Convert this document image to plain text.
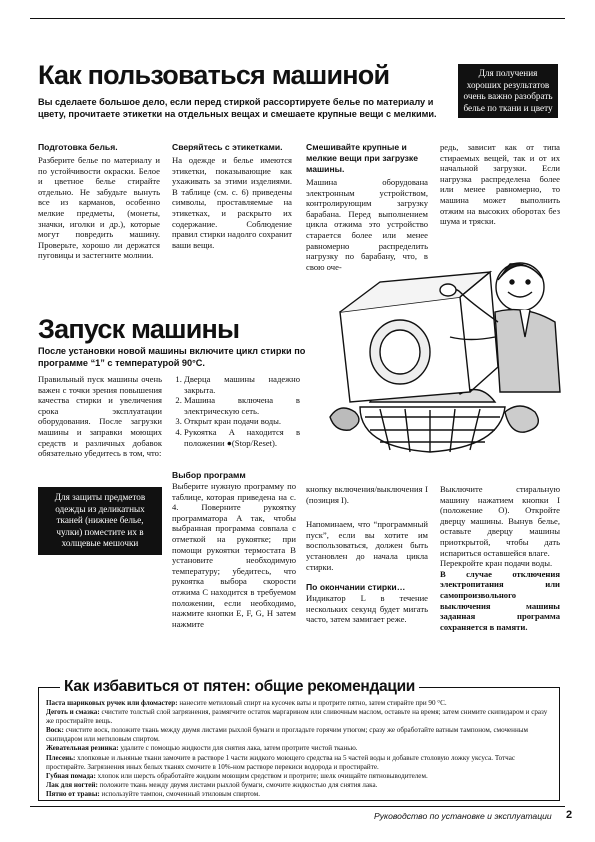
Как пользоваться машиной	Для получения хороших результатов очень важно разобрать белье по ткани и цвету
Вы сделаете большое дело, если перед стиркой рассортируете белье по материалу и цвету, прочитаете этикетки на отдельных вещах и смешаете крупные вещи с мелкими.
Подготовка белья.
Разберите белье по материалу и по устойчивости окраски. Белое и цветное белье стирайте отдельно. Не забудьте вынуть все из карманов, особенно мелкие предметы, (монеты, значки, иголки и др.), которые могут повредить машину. Проверьте, хорошо ли держатся пуговицы и застегните молнии.
Сверяйтесь с этикетками.
На одежде и белье имеются этикетки, показывающие как ухаживать за этими изделиями. В таблице (см. с. 6) приведены символы, проставляемые на этикетках, и раскрыто их содержание. Соблюдение правил стирки надолго сохранит ваши вещи.
Смешивайте крупные и мелкие вещи при загрузке машины.
Машина оборудована электронным устройством, контролирующим загрузку барабана. Перед выполнением цикла отжима это устройство старается более или менее равномерно распределить нагрузку по барабану, что, в свою оче-
редь, зависит как от типа стираемых вещей, так и от их начальной загрузки. Если нагрузка распределена более или менее равномерно, то машина может выполнить отжим на высоких оборотах без шума и тряски.
Запуск машины
После установки новой машины включите цикл стирки по программе “1” с температурой 90°С.
Правильный пуск машины очень важен с точки зрения повышения качества стирки и увеличения срока эксплуатации оборудования. После загрузки машины и заправки моющих средств и различных добавок обязательно убедитесь в том, что:
1. Дверца машины надежно закрыта.
2. Машина включена в электрическую сеть.
3. Открыт кран подачи воды.
4. Рукоятка A находится в положении ●(Stop/Reset).
Для защиты предметов одежды из деликатных тканей (нижнее белье, чулки) поместите их в холщевые мешочки
Выбор программ
Выберите нужную программу по таблице, которая приведена на с. 4. Поверните рукоятку программатора A так, чтобы выбранная программа совпала с отметкой на рукоятке; при помощи рукоятки термостата B установите необходимую температуру; убедитесь, что рукоятка выбора скорости отжима C находится в требуемом положении, если необходимо, нажмите кнопки E, F, G, H затем нажмите
кнопку включения/выключения I (позиция I).
Напоминаем, что “программный пуск”, если вы хотите им воспользоваться, должен быть установлен до начала цикла стирки.
По окончании стирки…
Индикатор L в течение нескольких секунд будет мигать часто, затем замигает реже.
Выключите стиральную машину нажатием кнопки I (положение O). Откройте дверцу машины. Вынув белье, оставьте дверцу машины приоткрытой, чтобы дать испариться оставшейся влаге.
Перекройте кран подачи воды.
В случае отключения электропитания или самопроизвольного выключения машины заданная программа сохраняется в памяти.
Как избавиться от пятен: общие рекомендации

Паста шариковых ручек или фломастер: нанесите метиловый спирт на кусочек ваты и протрите пятно, затем стирайте при 90 °С.

Деготь и смазка: счистите толстый слой загрязнения, размягчите остаток маргарином или сливочным маслом, оставьте на время; затем снимите скипидаром и сразу же простирайте вещь.

Воск: счистите воск, положите ткань между двумя листами рыхлой бумаги и прогладьте горячим утюгом; сразу же обработайте ватным тампоном, смоченным скипидаром или метиловым спиртом.

Жевательная резинка: удалите с помощью жидкости для снятия лака, затем протрите чистой тканью.

Плесень: хлопковые и льняные ткани замочите в растворе 1 части жидкого моющего средства на 5 частей воды и добавьте столовую ложку уксуса. Тотчас простирайте. Загрязнения иных белых тканях смочите в 10%-ном растворе перекиси водорода и простирайте.

Губная помада: хлопок или шерсть обработайте жидким моющим средством и протрите; шелк очищайте пятновыводителем.

Лак для ногтей: положите ткань между двумя листами рыхлой бумаги, смочите жидкостью для снятия лака.

Пятно от травы: используйте тампон, смоченный этиловым спиртом.

Руководство по установке и эксплуатации 2
